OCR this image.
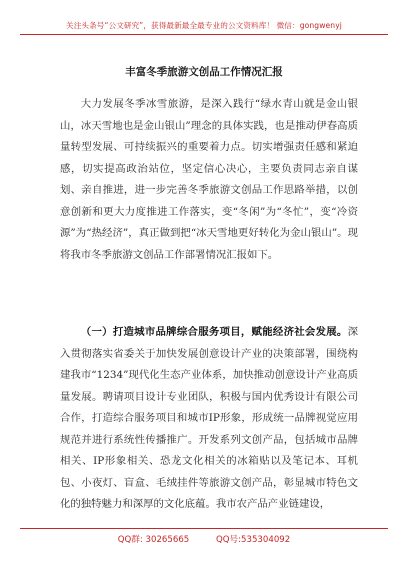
关注头条号“公文研究”，获得最新最全最专业的公文资料库！ 微信：gongwenyj
丰富冬季旅游文创品工作情况汇报

大力发展冬季冰雪旅游，是深入践行“绿水青山就是金山银山，冰天雪地也是金山银山”理念的具体实践，也是推动伊春高质量转型发展、可持续振兴的重要着力点。切实增强责任感和紧迫感，切实提高政治站位，坚定信心决心，主要负责同志亲自谋划、亲自推进，进一步完善冬季旅游文创品工作思路举措，以创意创新和更大力度推进工作落实，变“冬闲”为“冬忙”，变“冷资源”为“热经济”，真正做到把“冰天雪地更好转化为金山银山”。现将我市冬季旅游文创品工作部署情况汇报如下。

（一）打造城市品牌综合服务项目，赋能经济社会发展。深入贯彻落实省委关于加快发展创意设计产业的决策部署，围绕构建我市“1234”现代化生态产业体系，加快推动创意设计产业高质量发展。聘请项目设计专业团队，积极与国内优秀设计有限公司合作，打造综合服务项目和城市IP形象，形成统一品牌视觉应用规范并进行系统性传播推广。开发系列文创产品，包括城市品牌相关、IP形象相关、恐龙文化相关的冰箱贴以及笔记本、耳机包、小夜灯、盲盒、毛绒挂件等旅游文创产品，彰显城市特色文化的独特魅力和深厚的文化底蕴。我市农产品产业链建设，

QQ群: 30265665	QQ号:535304092
